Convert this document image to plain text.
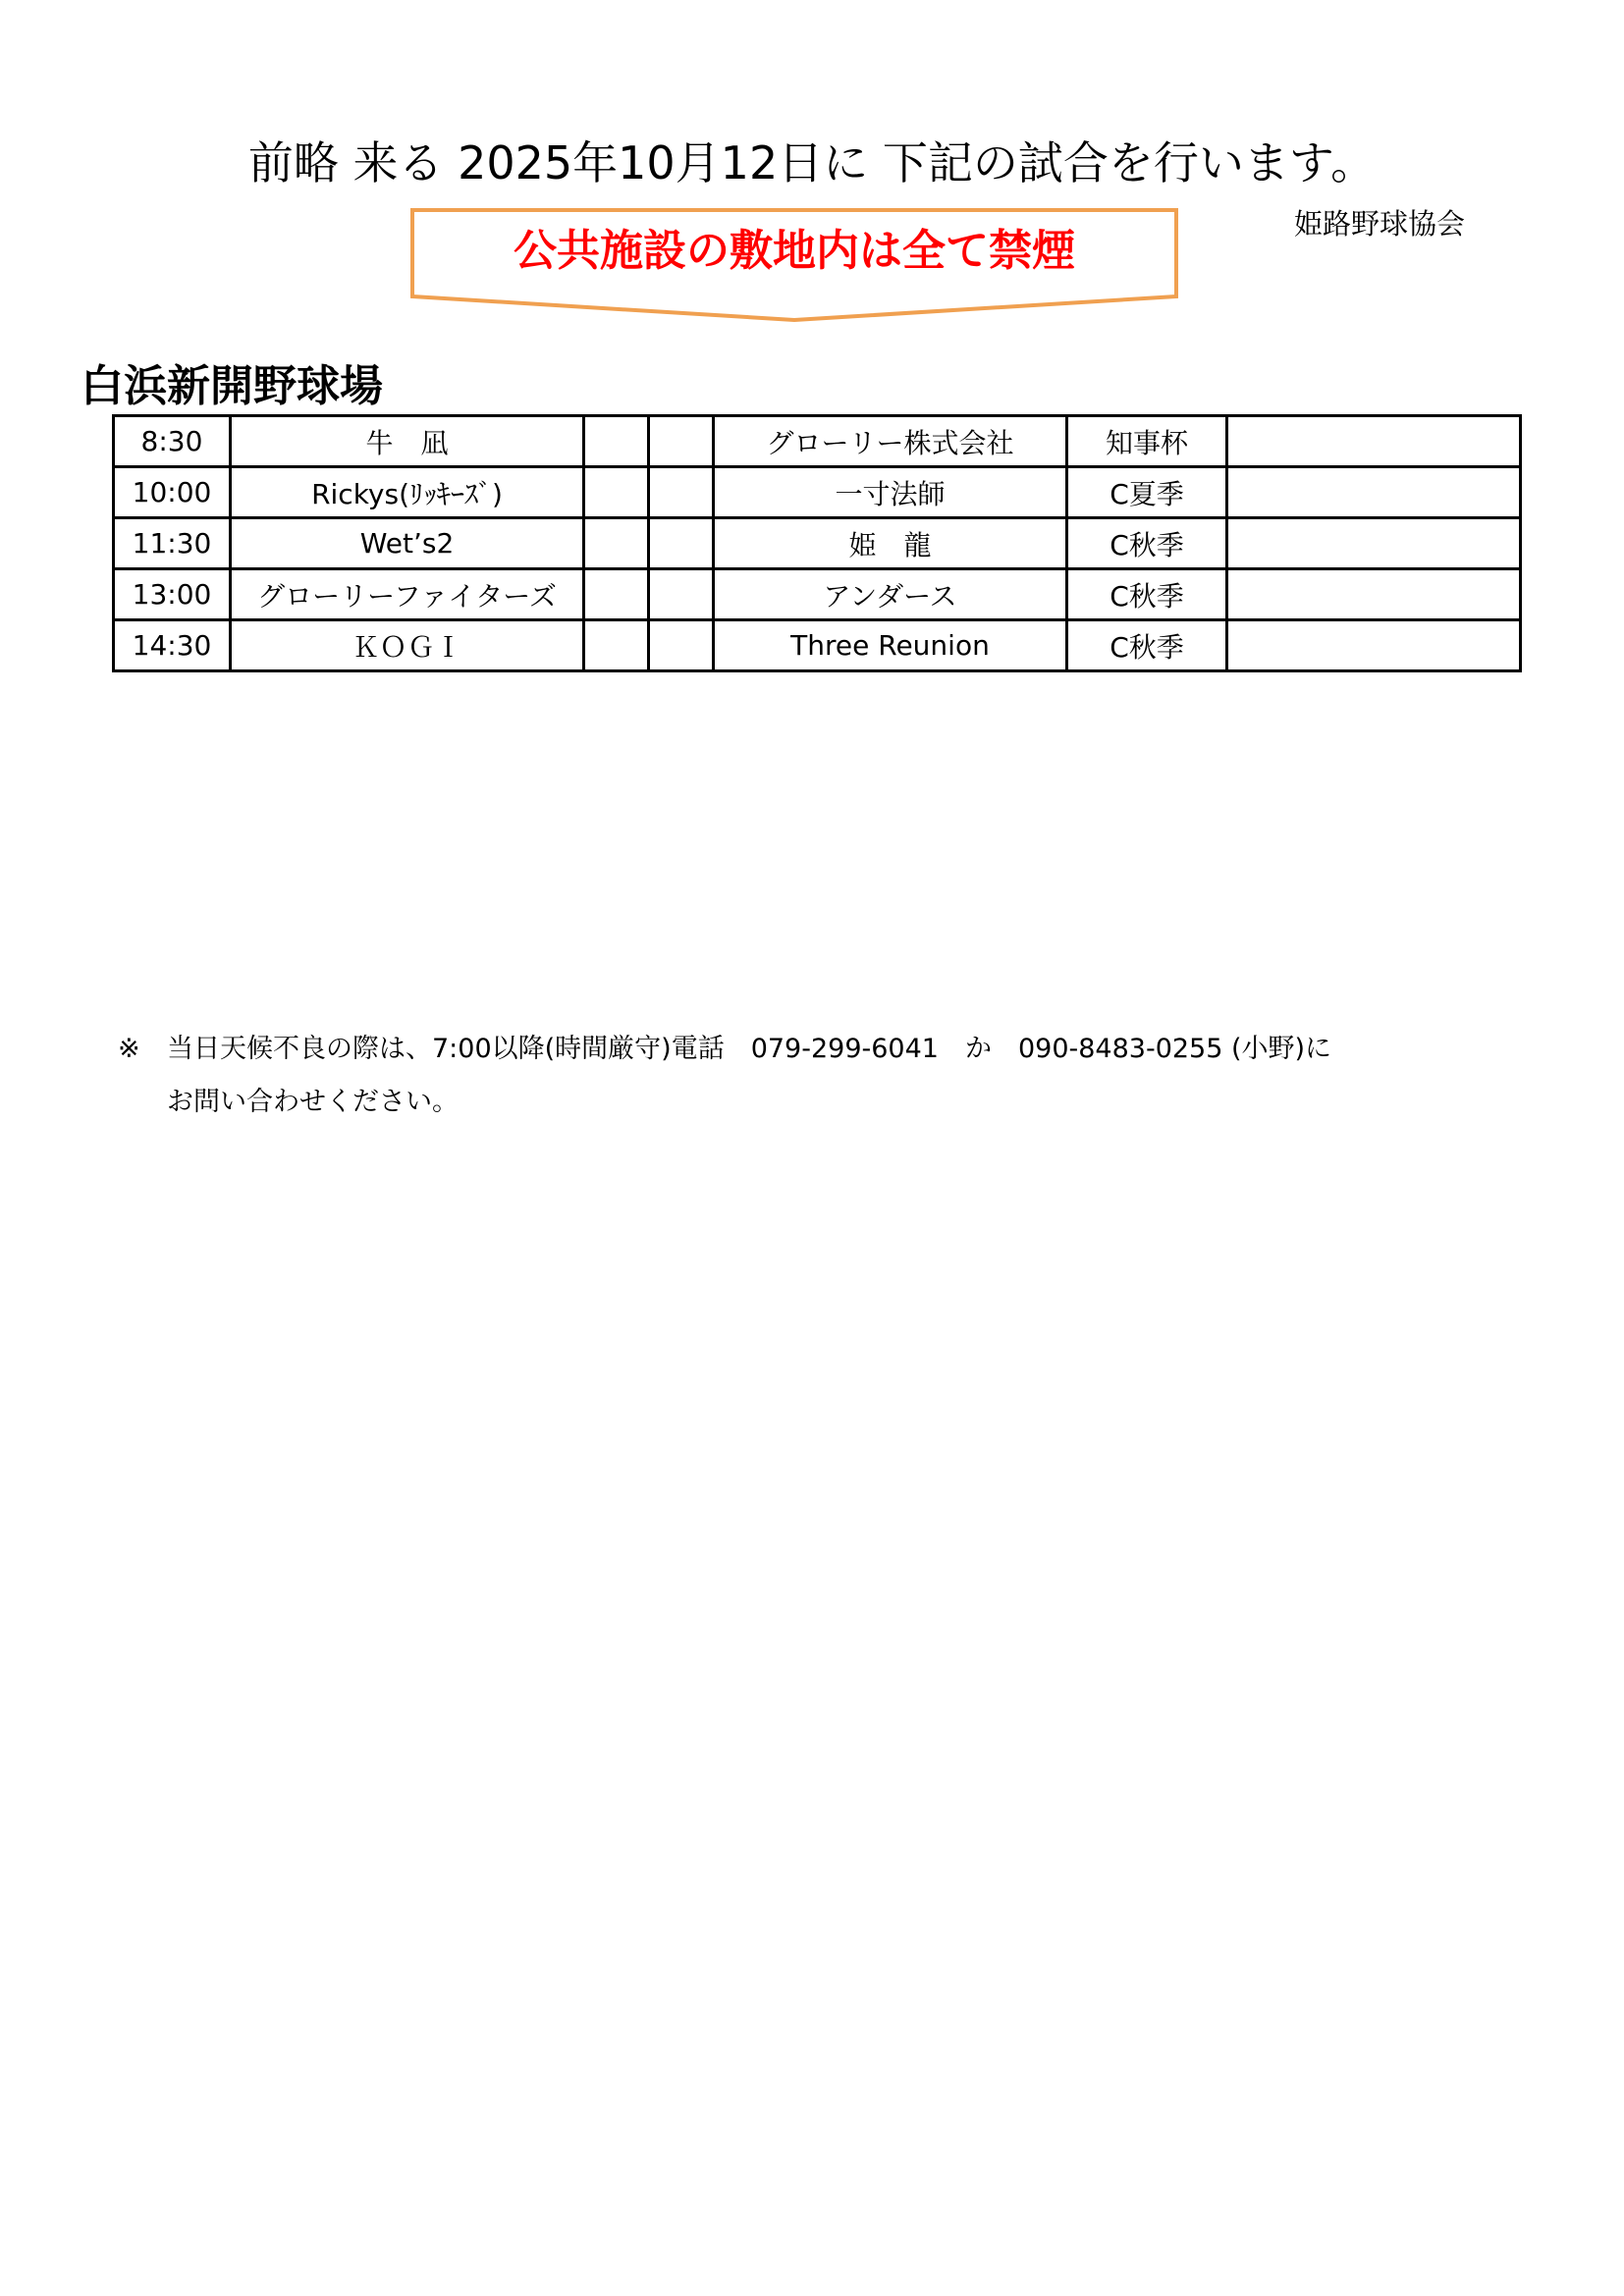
前略 来る 2025年10月12日に 下記の試合を行います。
公共施設の敷地内は全て禁煙
姫路野球協会
白浜新開野球場
8:30	牛　凪			グローリー株式会社	知事杯	
10:00	Rickys(ﾘｯｷｰｽﾞ)			一寸法師	C夏季	
11:30	Wet’s2			姫　龍	C秋季	
13:00	グローリーファイターズ			アンダース	C秋季	
14:30	ＫＯＧＩ			Three Reunion	C秋季	
※ 当日天候不良の際は、7:00以降(時間厳守)電話　079-299-6041　か　090-8483-0255 (小野)に
お問い合わせください。
